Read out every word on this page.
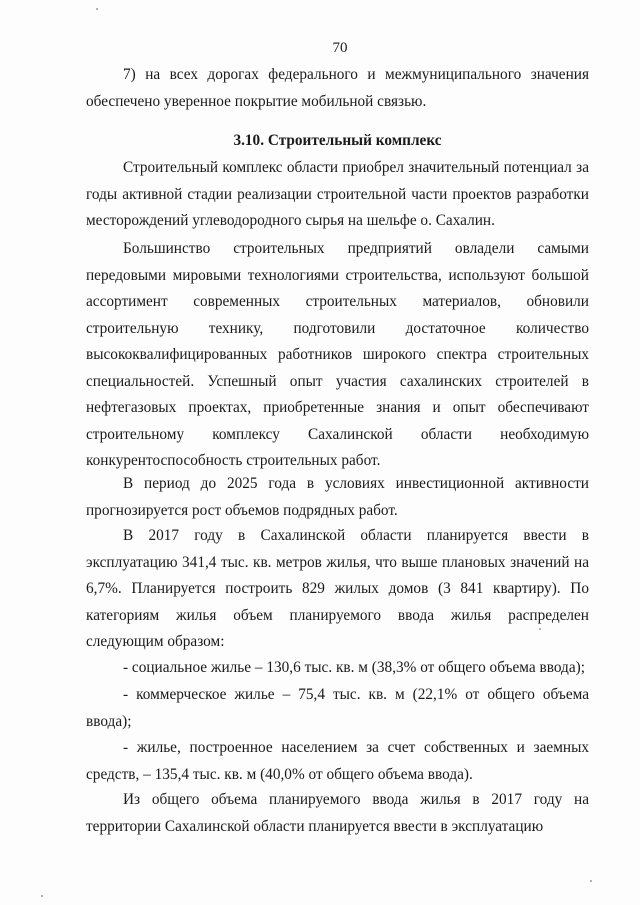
70

7) на всех дорогах федерального и межмуниципального значения обеспечено уверенное покрытие мобильной связью.

3.10. Строительный комплекс

Строительный комплекс области приобрел значительный потенциал за годы активной стадии реализации строительной части проектов разработки месторождений углеводородного сырья на шельфе о. Сахалин.

Большинство строительных предприятий овладели самыми передовыми мировыми технологиями строительства, используют большой ассортимент современных строительных материалов, обновили строительную технику, подготовили достаточное количество высококвалифицированных работников широкого спектра строительных специальностей. Успешный опыт участия сахалинских строителей в нефтегазовых проектах, приобретенные знания и опыт обеспечивают строительному комплексу Сахалинской области необходимую конкурентоспособность строительных работ.

В период до 2025 года в условиях инвестиционной активности прогнозируется рост объемов подрядных работ.

В 2017 году в Сахалинской области планируется ввести в эксплуатацию 341,4 тыс. кв. метров жилья, что выше плановых значений на 6,7%. Планируется построить 829 жилых домов (3 841 квартиру). По категориям жилья объем планируемого ввода жилья распределен следующим образом:

- социальное жилье – 130,6 тыс. кв. м (38,3% от общего объема ввода);

- коммерческое жилье – 75,4 тыс. кв. м (22,1% от общего объема ввода);

- жилье, построенное населением за счет собственных и заемных средств, – 135,4 тыс. кв. м (40,0% от общего объема ввода).

Из общего объема планируемого ввода жилья в 2017 году на территории Сахалинской области планируется ввести в эксплуатацию
